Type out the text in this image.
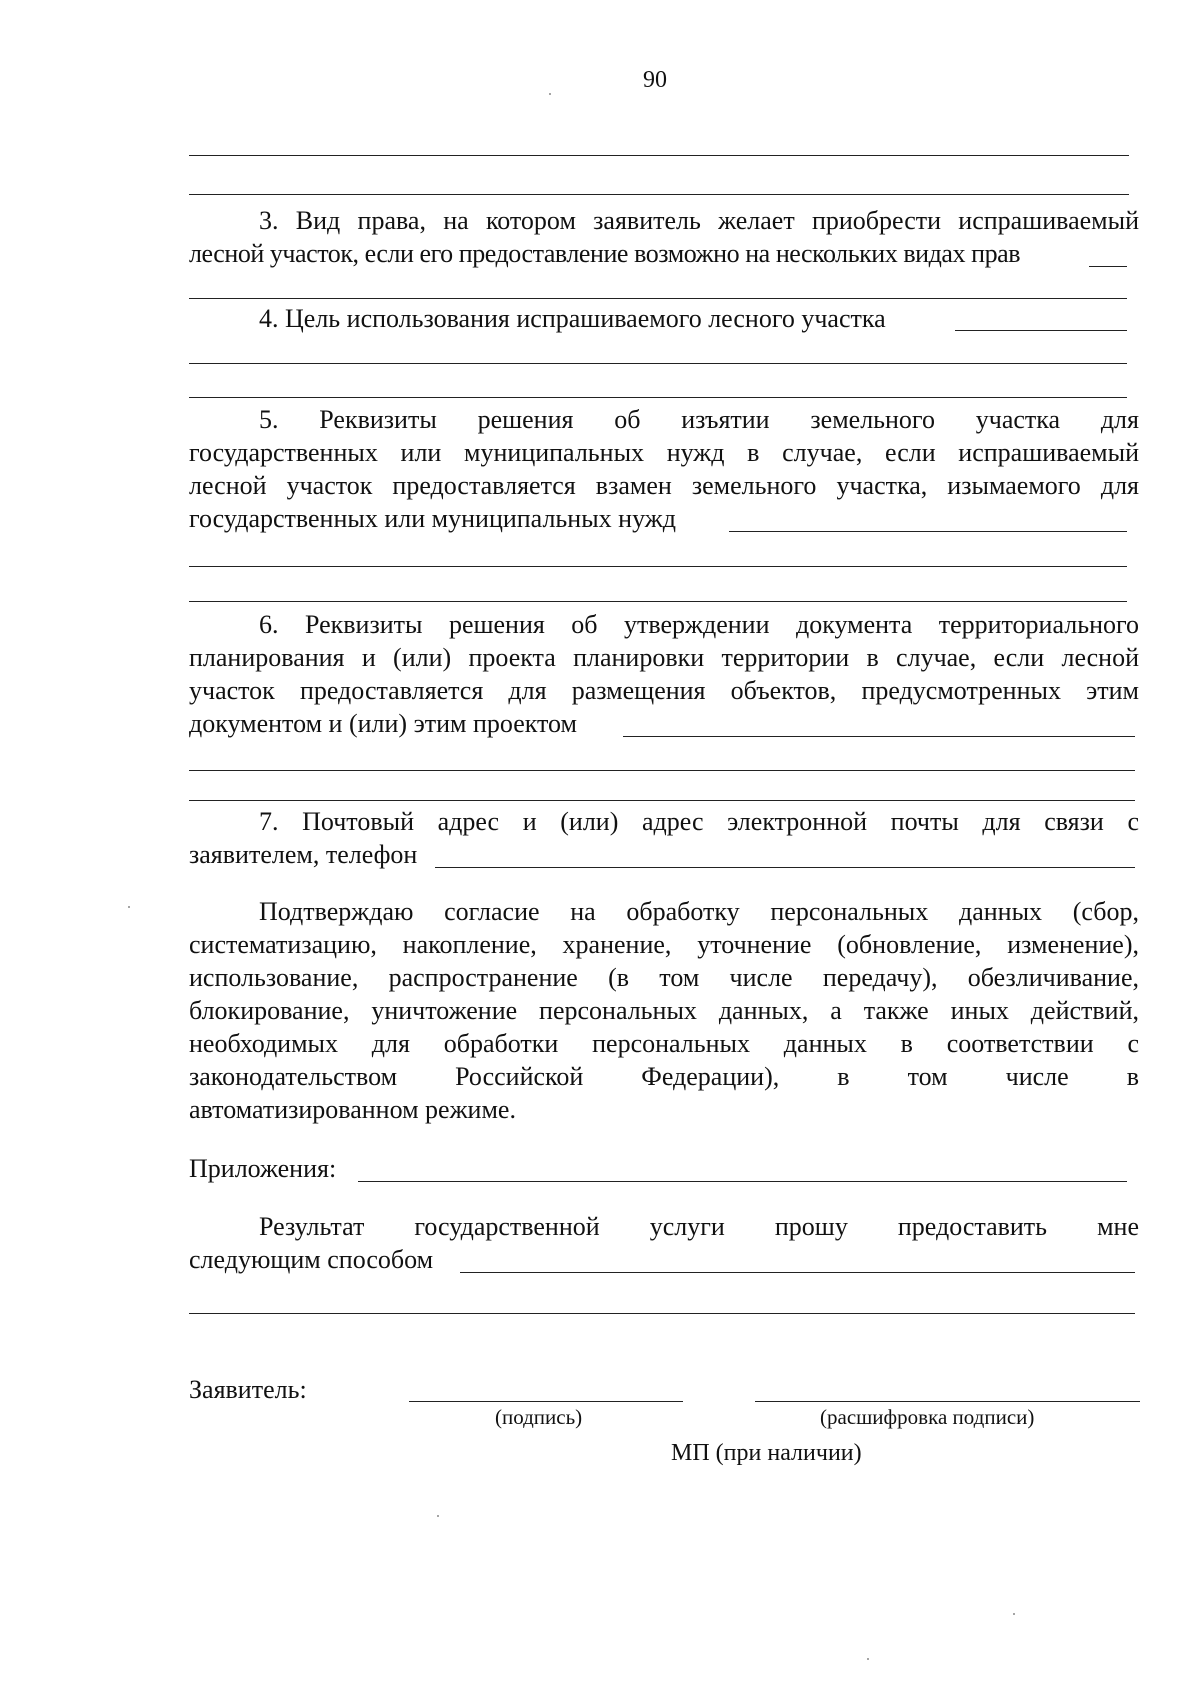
90
3. Вид права, на котором заявитель желает приобрести испрашиваемый
лесной участок, если его предоставление возможно на нескольких видах прав
4. Цель использования испрашиваемого лесного участка
5. Реквизиты решения об изъятии земельного участка для
государственных или муниципальных нужд в случае, если испрашиваемый
лесной участок предоставляется взамен земельного участка, изымаемого для
государственных или муниципальных нужд
6. Реквизиты решения об утверждении документа территориального
планирования и (или) проекта планировки территории в случае, если лесной
участок предоставляется для размещения объектов, предусмотренных этим
документом и (или) этим проектом
7. Почтовый адрес и (или) адрес электронной почты для связи с
заявителем, телефон
Подтверждаю согласие на обработку персональных данных (сбор,
систематизацию, накопление, хранение, уточнение (обновление, изменение),
использование, распространение (в том числе передачу), обезличивание,
блокирование, уничтожение персональных данных, а также иных действий,
необходимых для обработки персональных данных в соответствии с
законодательством Российской Федерации), в том числе в
автоматизированном режиме.
Приложения:
Результат государственной услуги прошу предоставить мне
следующим способом
Заявитель:
(подпись)	(расшифровка подписи)
МП (при наличии)
